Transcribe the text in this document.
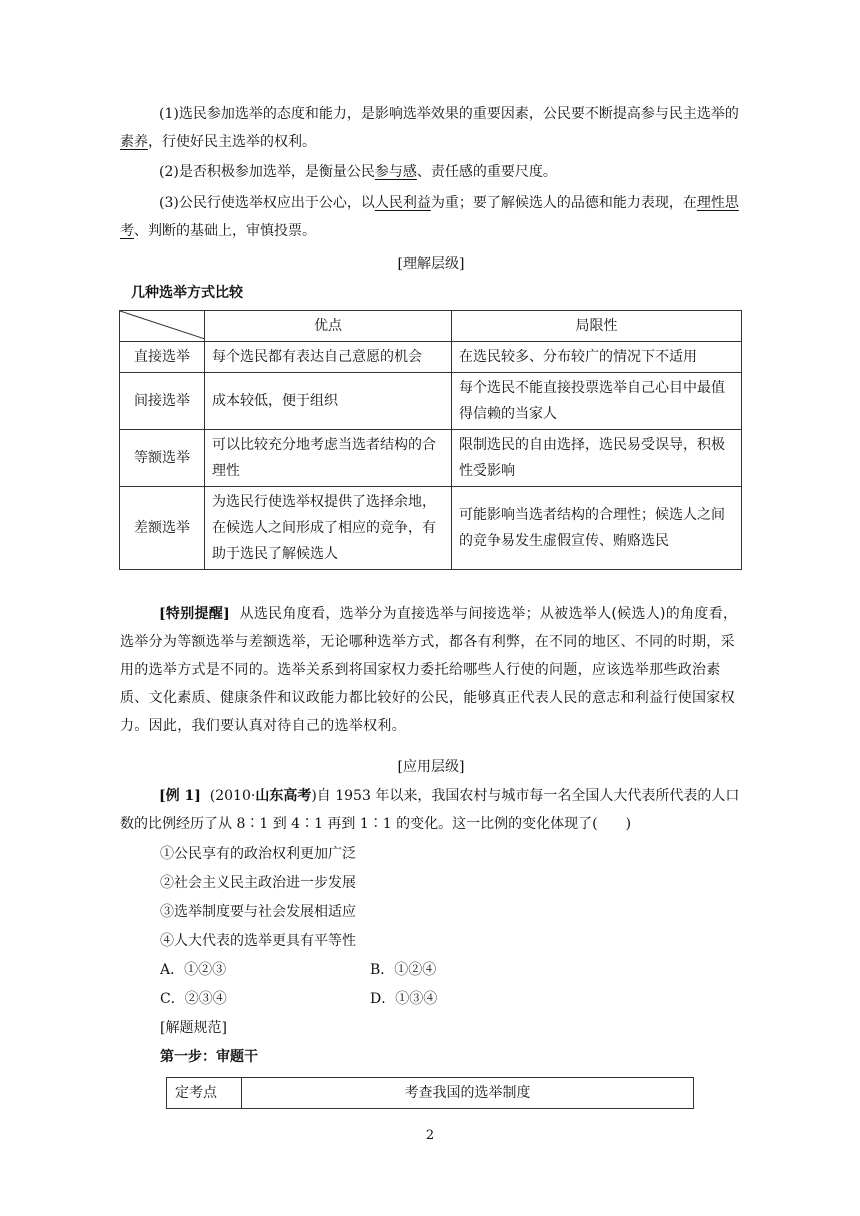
(1)选民参加选举的态度和能力，是影响选举效果的重要因素，公民要不断提高参与民主选举的素养，行使好民主选举的权利。
(2)是否积极参加选举，是衡量公民参与感、责任感的重要尺度。
(3)公民行使选举权应出于公心，以人民利益为重；要了解候选人的品德和能力表现，在理性思考、判断的基础上，审慎投票。
[理解层级]
几种选举方式比较
	优点	局限性
直接选举	每个选民都有表达自己意愿的机会	在选民较多、分布较广的情况下不适用
间接选举	成本较低，便于组织	每个选民不能直接投票选举自己心目中最值得信赖的当家人
等额选举	可以比较充分地考虑当选者结构的合理性	限制选民的自由选择，选民易受误导，积极性受影响
差额选举	为选民行使选举权提供了选择余地，在候选人之间形成了相应的竞争，有助于选民了解候选人	可能影响当选者结构的合理性；候选人之间的竞争易发生虚假宣传、贿赂选民
[特别提醒] 从选民角度看，选举分为直接选举与间接选举；从被选举人(候选人)的角度看，选举分为等额选举与差额选举，无论哪种选举方式，都各有利弊，在不同的地区、不同的时期，采用的选举方式是不同的。选举关系到将国家权力委托给哪些人行使的问题，应该选举那些政治素质、文化素质、健康条件和议政能力都比较好的公民，能够真正代表人民的意志和利益行使国家权力。因此，我们要认真对待自己的选举权利。
[应用层级]
[例 1] (2010·山东高考)自 1953 年以来，我国农村与城市每一名全国人大代表所代表的人口数的比例经历了从 8∶1 到 4∶1 再到 1∶1 的变化。这一比例的变化体现了(　　)
①公民享有的政治权利更加广泛
②社会主义民主政治进一步发展
③选举制度要与社会发展相适应
④人大代表的选举更具有平等性
A．①②③	B．①②④
C．②③④	D．①③④
[解题规范]
第一步：审题干
定考点	考查我国的选举制度
2
